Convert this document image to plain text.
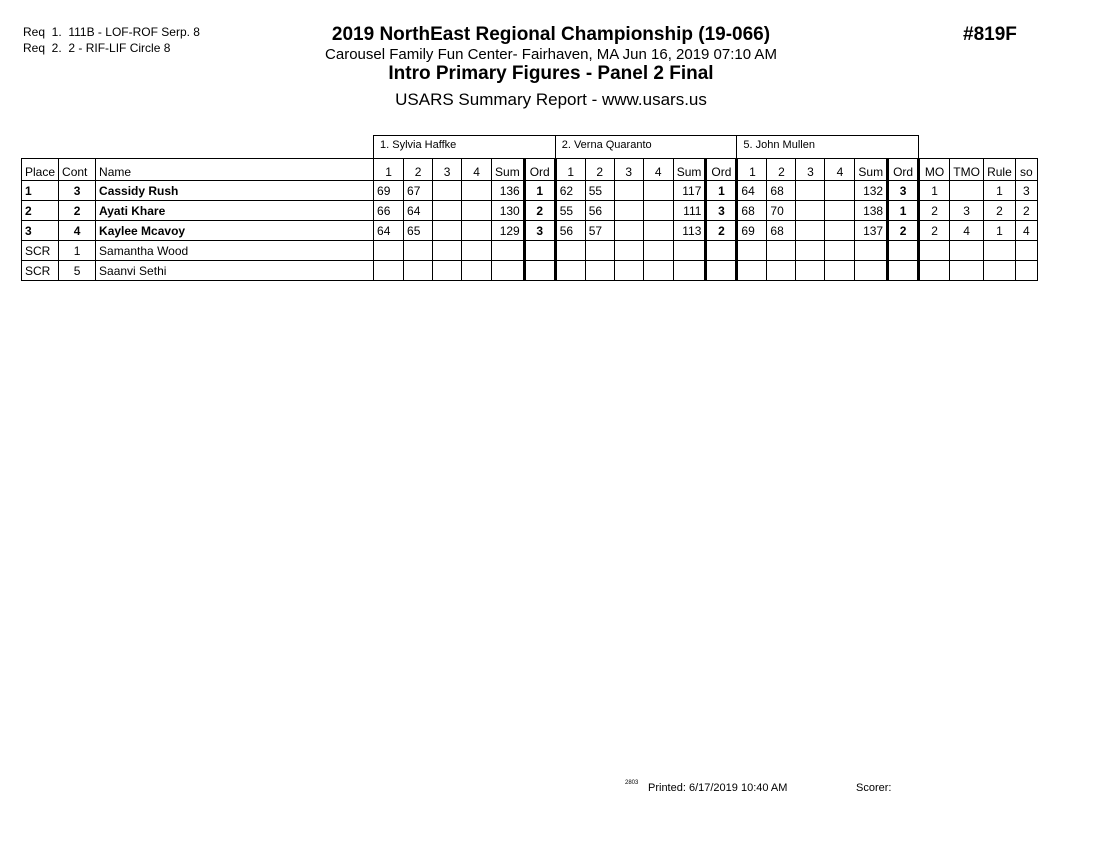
Req  1.  111B - LOF-ROF Serp. 8
Req  2.  2 - RIF-LIF Circle 8
2019 NorthEast Regional Championship (19-066)
Carousel Family Fun Center- Fairhaven, MA Jun 16, 2019 07:10 AM
Intro Primary Figures - Panel 2 Final
USARS Summary Report - www.usars.us
#819F
			1. Sylvia Haffke						2. Verna Quaranto						5. John Mullen									
Place	Cont	Name	1	2	3	4	Sum	Ord	1	2	3	4	Sum	Ord	1	2	3	4	Sum	Ord	MO	TMO	Rule	so
1	3	Cassidy Rush	69	67			136	1	62	55			117	1	64	68			132	3	1		1	3
2	2	Ayati Khare	66	64			130	2	55	56			111	3	68	70			138	1	2	3	2	2
3	4	Kaylee Mcavoy	64	65			129	3	56	57			113	2	69	68			137	2	2	4	1	4
SCR	1	Samantha Wood																						
SCR	5	Saanvi Sethi																						
2803 Printed: 6/17/2019 10:40 AM	Scorer:
